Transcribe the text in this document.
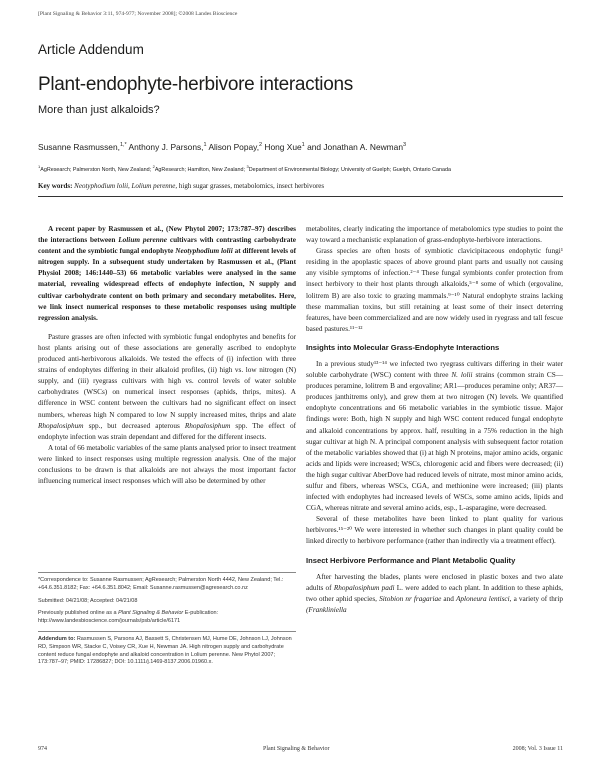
[Plant Signaling & Behavior 3:11, 974-977; November 2008]; ©2008 Landes Bioscience
Article Addendum
Plant-endophyte-herbivore interactions
More than just alkaloids?
Susanne Rasmussen,$^{1,*}$ Anthony J. Parsons,$^1$ Alison Popay,$^2$ Hong Xue$^1$ and Jonathan A. Newman$^3$
$^1$AgResearch; Palmerston North, New Zealand; $^2$AgResearch; Hamilton, New Zealand; $^3$Department of Environmental Biology; University of Guelph; Guelph, Ontario Canada
Key words: Neotyphodium lolii, Lolium perenne, high sugar grasses, metabolomics, insect herbivores

A recent paper by Rasmussen et al., (New Phytol 2007; 173:787–97) describes the interactions between Lolium perenne cultivars with contrasting carbohydrate content and the symbiotic fungal endophyte Neotyphodium lolii at different levels of nitrogen supply. In a subsequent study undertaken by Rasmussen et al., (Plant Physiol 2008; 146:1440–53) 66 metabolic variables were analysed in the same material, revealing widespread effects of endophyte infection, N supply and cultivar carbohydrate content on both primary and secondary metabolites. Here, we link insect numerical responses to these metabolic responses using multiple regression analysis.

Pasture grasses are often infected with symbiotic fungal endophytes and benefits for host plants arising out of these associations are generally ascribed to endophyte produced anti-herbivorous alkaloids. We tested the effects of (i) infection with three strains of endophytes differing in their alkaloid profiles, (ii) high vs. low nitrogen (N) supply, and (iii) ryegrass cultivars with high vs. control levels of water soluble carbohydrates (WSCs) on numerical insect responses (aphids, thrips, mites). A difference in WSC content between the cultivars had no significant effect on insect numbers, whereas high N compared to low N supply increased mites, thrips and alate Rhopalosiphum spp., but decreased apterous Rhopalosiphum spp. The effect of endophyte infection was strain dependant and differed for the different insects.

A total of 66 metabolic variables of the same plants analysed prior to insect treatment were linked to insect responses using multiple regression analysis. One of the major conclusions to be drawn is that alkaloids are not always the most important factor influencing numerical insect responses which will also be determined by other

*Correspondence to: Susanne Rasmussen; AgResearch; Palmerston North 4442, New Zealand; Tel.: +64.6.351.8182; Fax: +64.6.351.8042; Email: Susanne.rasmussen@agresearch.co.nz

Submitted: 04/21/08; Accepted: 04/21/08

Previously published online as a Plant Signaling & Behavior E-publication: http://www.landesbioscience.com/journals/psb/article/6171

Addendum to: Rasmussen S, Parsons AJ, Bassett S, Christensen MJ, Hume DE, Johnson LJ, Johnson RD, Simpson WR, Stacke C, Voisey CR, Xue H, Newman JA. High nitrogen supply and carbohydrate content reduce fungal endophyte and alkaloid concentration in Lolium perenne. New Phytol 2007; 173:787–97; PMID: 17286827; DOI: 10.1111/j.1469-8137.2006.01960.x.

metabolites, clearly indicating the importance of metabolomics type studies to point the way toward a mechanistic explanation of grass-endophyte-herbivore interactions.

Grass species are often hosts of symbiotic clavicipitaceous endophytic fungi¹ residing in the apoplastic spaces of above ground plant parts and usually not causing any visible symptoms of infection.²⁻⁴ These fungal symbionts confer protection from insect herbivory to their host plants through alkaloids,⁵⁻⁸ some of which (ergovaline, lolitrem B) are also toxic to grazing mammals.⁹⁻¹⁰ Natural endophyte strains lacking these mammalian toxins, but still retaining at least some of their insect deterring features, have been commercialized and are now widely used in ryegrass and tall fescue based pastures.¹¹⁻¹²

Insights into Molecular Grass-Endophyte Interactions

In a previous study¹³⁻¹⁴ we infected two ryegrass cultivars differing in their water soluble carbohydrate (WSC) content with three N. lolii strains (common strain CS—produces peramine, lolitrem B and ergovaline; AR1—produces peramine only; AR37—produces janthitrems only), and grew them at two nitrogen (N) levels. We quantified endophyte concentrations and 66 metabolic variables in the symbiotic tissue. Major findings were: Both, high N supply and high WSC content reduced fungal endophyte and alkaloid concentrations by approx. half, resulting in a 75% reduction in the high sugar cultivar at high N. A principal component analysis with subsequent factor rotation of the metabolic variables showed that (i) at high N proteins, major amino acids, organic acids and lipids were increased; WSCs, chlorogenic acid and fibers were decreased; (ii) the high sugar cultivar AberDove had reduced levels of nitrate, most minor amino acids, sulfur and fibers, whereas WSCs, CGA, and methionine were increased; (iii) plants infected with endophytes had increased levels of WSCs, some amino acids, lipids and CGA, whereas nitrate and several amino acids, esp., L-asparagine, were decreased.

Several of these metabolites have been linked to plant quality for various herbivores.¹⁵⁻²⁰ We were interested in whether such changes in plant quality could be linked directly to herbivore performance (rather than indirectly via a treatment effect).

Insect Herbivore Performance and Plant Metabolic Quality

After harvesting the blades, plants were enclosed in plastic boxes and two alate adults of Rhopalosiphum padi L. were added to each plant. In addition to these aphids, two other aphid species, Sitobion nr fragariae and Aploneura lentisci, a variety of thrip (Frankliniella

974	Plant Signaling & Behavior	2008; Vol. 3 Issue 11
